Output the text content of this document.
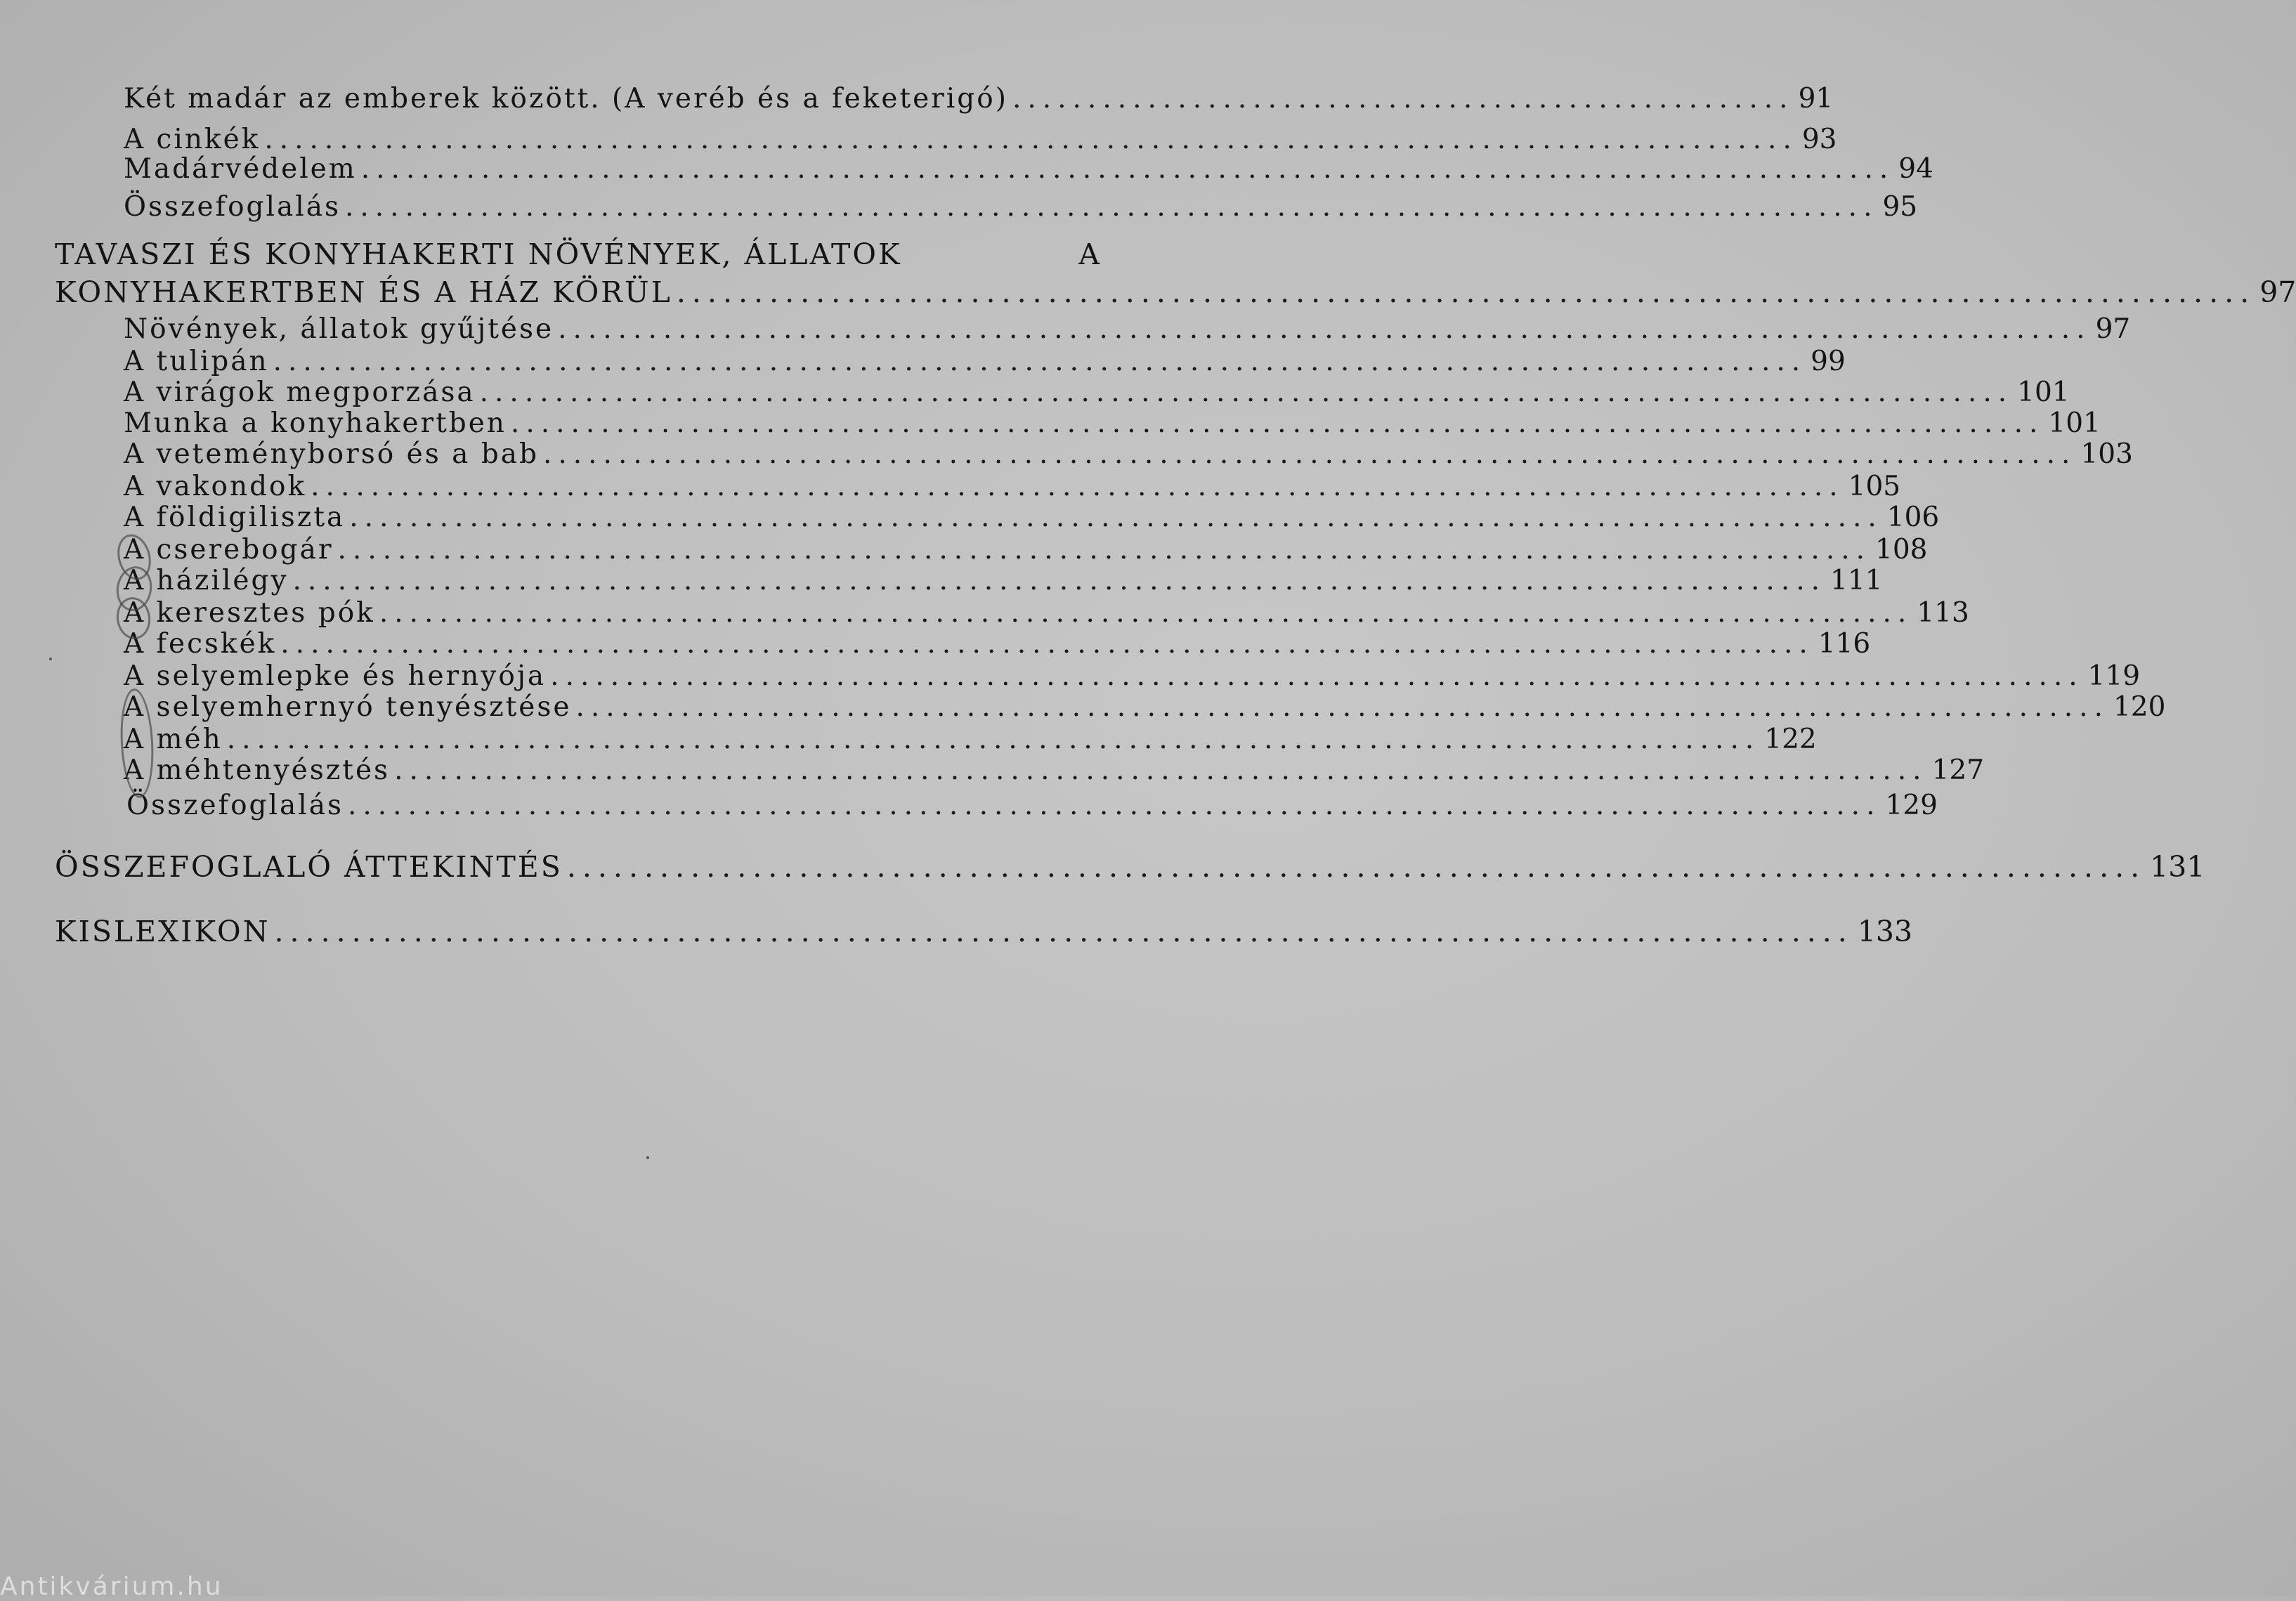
Két madár az emberek között. (A veréb és a feketerigó) .................................................... 91
A cinkék ...................................................................................................... 93
Madárvédelem ...................................................................................................... 94
Összefoglalás ...................................................................................................... 95
TAVASZI ÉS KONYHAKERTI NÖVÉNYEK, ÁLLATOK	A
KONYHAKERTBEN ÉS A HÁZ KÖRÜL ...................................................................................................... 97
Növények, állatok gyűjtése ...................................................................................................... 97
A tulipán ...................................................................................................... 99
A virágok megporzása ...................................................................................................... 101
Munka a konyhakertben ...................................................................................................... 101
A veteményborsó és a bab ...................................................................................................... 103
A vakondok ...................................................................................................... 105
A földigiliszta ...................................................................................................... 106
A cserebogár ...................................................................................................... 108
A házilégy ...................................................................................................... 111
A keresztes pók ...................................................................................................... 113
A fecskék ...................................................................................................... 116
A selyemlepke és hernyója ...................................................................................................... 119
A selyemhernyó tenyésztése ...................................................................................................... 120
A méh ...................................................................................................... 122
A méhtenyésztés ...................................................................................................... 127
Összefoglalás ...................................................................................................... 129
ÖSSZEFOGLALÓ ÁTTEKINTÉS ...................................................................................................... 131
KISLEXIKON ...................................................................................................... 133
Antikvárium.hu
